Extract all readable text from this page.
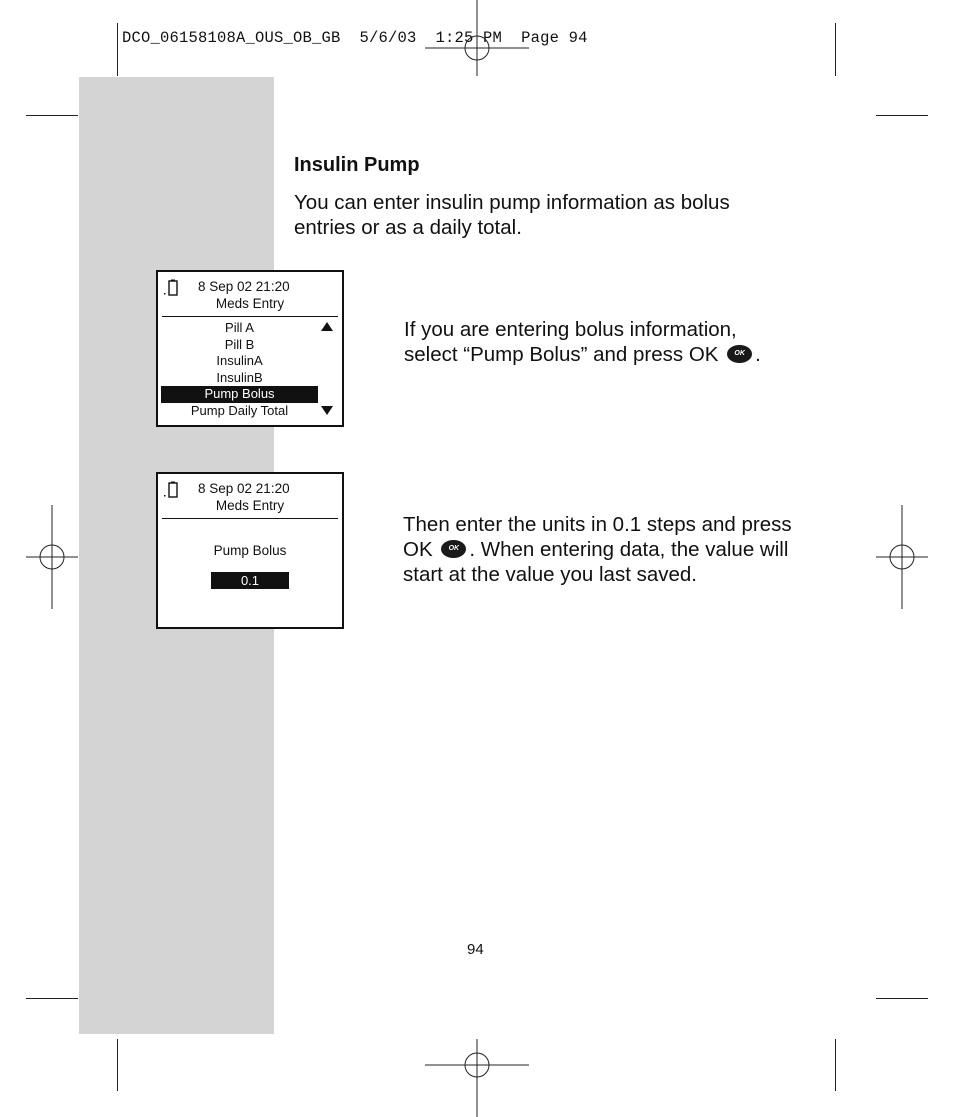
DCO_06158108A_OUS_OB_GB  5/6/03  1:25 PM  Page 94
Insulin Pump
You can enter insulin pump information as bolus entries or as a daily total.
8 Sep 02 21:20
Meds Entry
Pill A
Pill B
InsulinA
InsulinB
Pump Bolus
Pump Daily Total
If you are entering bolus information, select “Pump Bolus” and press OK OK .
8 Sep 02 21:20
Meds Entry
Pump Bolus
0.1
Then enter the units in 0.1 steps and press OK OK . When entering data, the value will start at the value you last saved.
94
